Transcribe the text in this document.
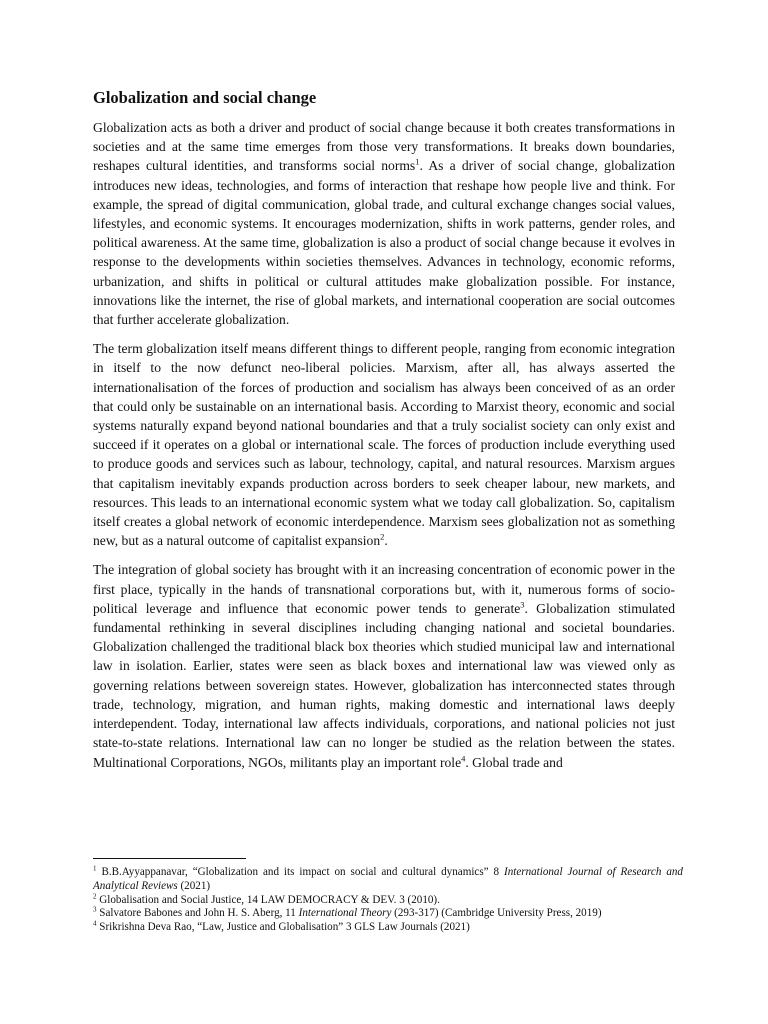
Globalization and social change

Globalization acts as both a driver and product of social change because it both creates transformations in societies and at the same time emerges from those very transformations. It breaks down boundaries, reshapes cultural identities, and transforms social norms$^1$. As a driver of social change, globalization introduces new ideas, technologies, and forms of interaction that reshape how people live and think. For example, the spread of digital communication, global trade, and cultural exchange changes social values, lifestyles, and economic systems. It encourages modernization, shifts in work patterns, gender roles, and political awareness. At the same time, globalization is also a product of social change because it evolves in response to the developments within societies themselves. Advances in technology, economic reforms, urbanization, and shifts in political or cultural attitudes make globalization possible. For instance, innovations like the internet, the rise of global markets, and international cooperation are social outcomes that further accelerate globalization.

The term globalization itself means different things to different people, ranging from economic integration in itself to the now defunct neo-liberal policies. Marxism, after all, has always asserted the internationalisation of the forces of production and socialism has always been conceived of as an order that could only be sustainable on an international basis. According to Marxist theory, economic and social systems naturally expand beyond national boundaries and that a truly socialist society can only exist and succeed if it operates on a global or international scale. The forces of production include everything used to produce goods and services such as labour, technology, capital, and natural resources. Marxism argues that capitalism inevitably expands production across borders to seek cheaper labour, new markets, and resources. This leads to an international economic system what we today call globalization. So, capitalism itself creates a global network of economic interdependence. Marxism sees globalization not as something new, but as a natural outcome of capitalist expansion$^2$.

The integration of global society has brought with it an increasing concentration of economic power in the first place, typically in the hands of transnational corporations but, with it, numerous forms of socio-political leverage and influence that economic power tends to generate$^3$. Globalization stimulated fundamental rethinking in several disciplines including changing national and societal boundaries. Globalization challenged the traditional black box theories which studied municipal law and international law in isolation. Earlier, states were seen as black boxes and international law was viewed only as governing relations between sovereign states. However, globalization has interconnected states through trade, technology, migration, and human rights, making domestic and international laws deeply interdependent. Today, international law affects individuals, corporations, and national policies not just state-to-state relations. International law can no longer be studied as the relation between the states. Multinational Corporations, NGOs, militants play an important role$^4$. Global trade and

$^1$ B.B.Ayyappanavar, “Globalization and its impact on social and cultural dynamics” 8 International Journal of Research and Analytical Reviews (2021)

$^2$ Globalisation and Social Justice, 14 LAW DEMOCRACY & DEV. 3 (2010).

$^3$ Salvatore Babones and John H. S. Aberg, 11 International Theory (293-317) (Cambridge University Press, 2019)

$^4$ Srikrishna Deva Rao, “Law, Justice and Globalisation” 3 GLS Law Journals (2021)
